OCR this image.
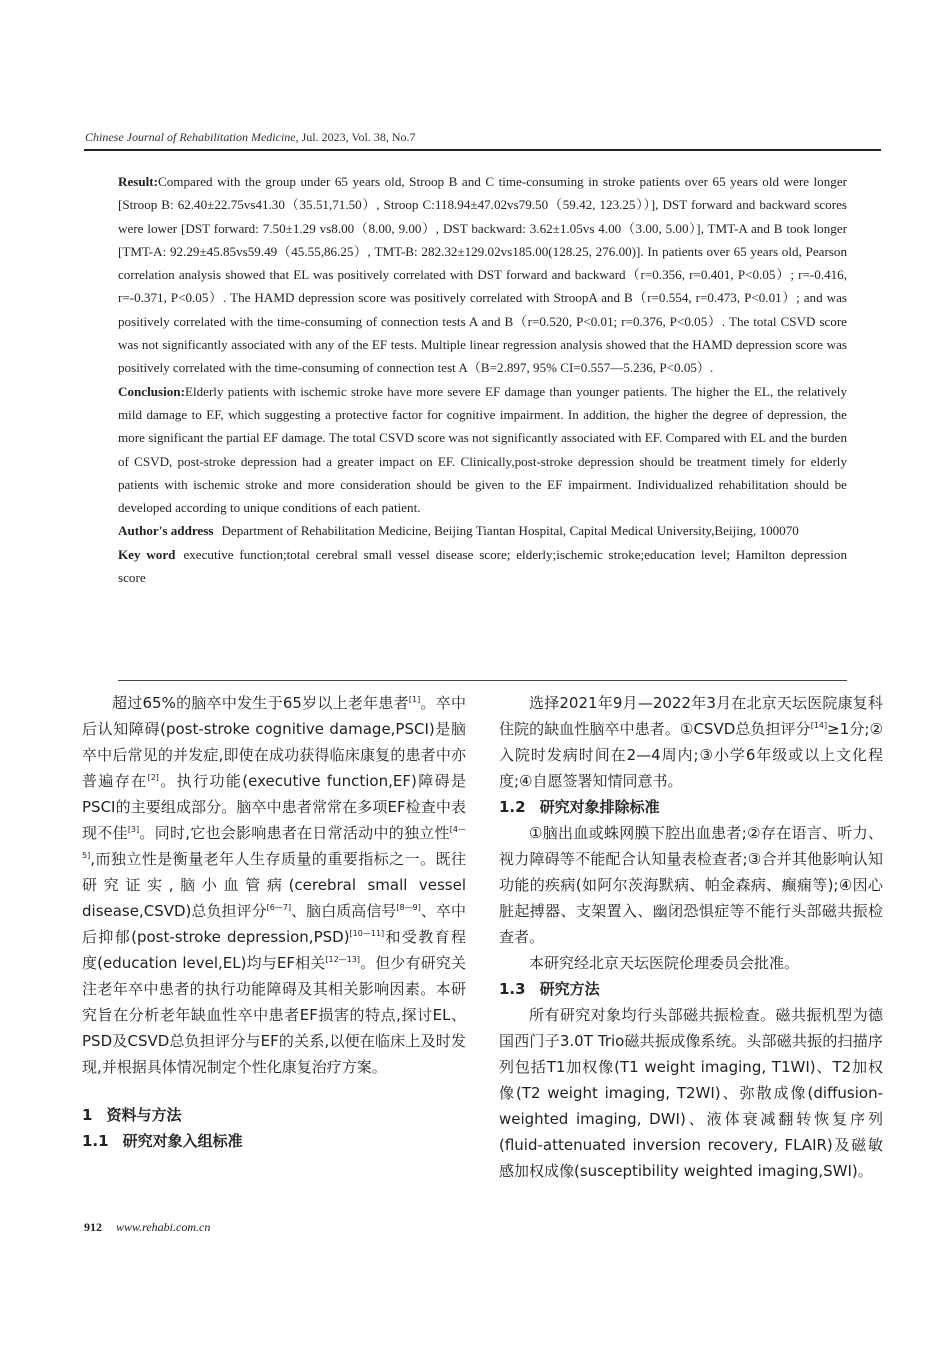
Chinese Journal of Rehabilitation Medicine, Jul. 2023, Vol. 38, No.7

Result:Compared with the group under 65 years old, Stroop B and C time-consuming in stroke patients over 65 years old were longer [Stroop B: 62.40±22.75vs41.30（35.51,71.50）, Stroop C:118.94±47.02vs79.50（59.42, 123.25））], DST forward and backward scores were lower [DST forward: 7.50±1.29 vs8.00（8.00, 9.00）, DST backward: 3.62±1.05vs 4.00（3.00, 5.00）], TMT-A and B took longer [TMT-A: 92.29±45.85vs59.49（45.55,86.25）, TMT-B: 282.32±129.02vs185.00(128.25, 276.00)]. In patients over 65 years old, Pearson correlation analysis showed that EL was positively correlated with DST forward and backward（r=0.356, r=0.401, P<0.05）; r=-0.416, r=-0.371, P<0.05）. The HAMD depression score was positively correlated with StroopA and B（r=0.554, r=0.473, P<0.01）; and was positively correlated with the time-consuming of connection tests A and B（r=0.520, P<0.01; r=0.376, P<0.05）. The total CSVD score was not significantly associated with any of the EF tests. Multiple linear regression analysis showed that the HAMD depression score was positively correlated with the time-consuming of connection test A（B=2.897, 95% CI=0.557—5.236, P<0.05）.

Conclusion:Elderly patients with ischemic stroke have more severe EF damage than younger patients. The higher the EL, the relatively mild damage to EF, which suggesting a protective factor for cognitive impairment. In addition, the higher the degree of depression, the more significant the partial EF damage. The total CSVD score was not significantly associated with EF. Compared with EL and the burden of CSVD, post-stroke depression had a greater impact on EF. Clinically,post-stroke depression should be treatment timely for elderly patients with ischemic stroke and more consideration should be given to the EF impairment. Individualized rehabilitation should be developed according to unique conditions of each patient.

Author's address Department of Rehabilitation Medicine, Beijing Tiantan Hospital, Capital Medical University,Beijing, 100070

Key word executive function;total cerebral small vessel disease score; elderly;ischemic stroke;education level; Hamilton depression score

超过65%的脑卒中发生于65岁以上老年患者[1]。卒中后认知障碍(post-stroke cognitive damage,PSCI)是脑卒中后常见的并发症,即使在成功获得临床康复的患者中亦普遍存在[2]。执行功能(executive function,EF)障碍是PSCI的主要组成部分。脑卒中患者常常在多项EF检查中表现不佳[3]。同时,它也会影响患者在日常活动中的独立性[4—5],而独立性是衡量老年人生存质量的重要指标之一。既往研究证实,脑小血管病(cerebral small vessel disease,CSVD)总负担评分[6—7]、脑白质高信号[8—9]、卒中后抑郁(post-stroke depression,PSD)[10—11]和受教育程度(education level,EL)均与EF相关[12—13]。但少有研究关注老年卒中患者的执行功能障碍及其相关影响因素。本研究旨在分析老年缺血性卒中患者EF损害的特点,探讨EL、PSD及CSVD总负担评分与EF的关系,以便在临床上及时发现,并根据具体情况制定个性化康复治疗方案。

1 资料与方法
1.1 研究对象入组标准

选择2021年9月—2022年3月在北京天坛医院康复科住院的缺血性脑卒中患者。①CSVD总负担评分[14]≥1分;②入院时发病时间在2—4周内;③小学6年级或以上文化程度;④自愿签署知情同意书。

1.2 研究对象排除标准

①脑出血或蛛网膜下腔出血患者;②存在语言、听力、视力障碍等不能配合认知量表检查者;③合并其他影响认知功能的疾病(如阿尔茨海默病、帕金森病、癫痫等);④因心脏起搏器、支架置入、幽闭恐惧症等不能行头部磁共振检查者。

本研究经北京天坛医院伦理委员会批准。

1.3 研究方法

所有研究对象均行头部磁共振检查。磁共振机型为德国西门子3.0T Trio磁共振成像系统。头部磁共振的扫描序列包括T1加权像(T1 weight imaging, T1WI)、T2加权像(T2 weight imaging, T2WI)、弥散成像(diffusion-weighted imaging, DWI)、液体衰减翻转恢复序列(fluid-attenuated inversion recovery, FLAIR)及磁敏感加权成像(susceptibility weighted imaging,SWI)。

912 www.rehabi.com.cn
